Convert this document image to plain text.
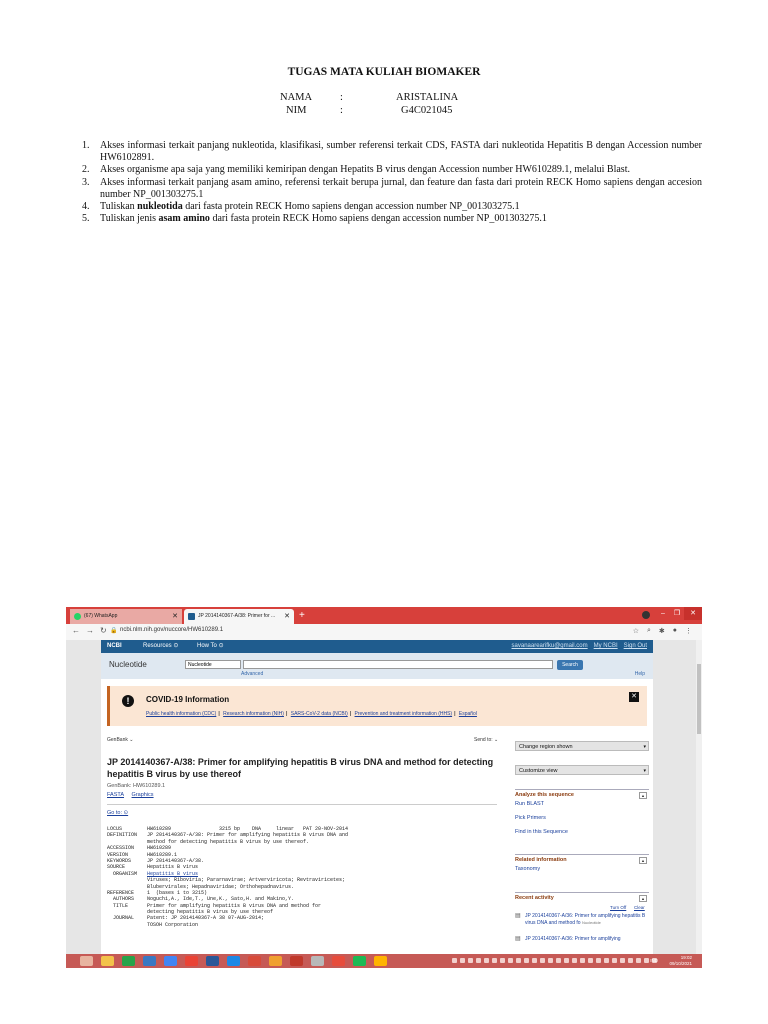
TUGAS MATA KULIAH BIOMAKER
NAMA	:	ARISTALINA
NIM	:	G4C021045
1. Akses informasi terkait panjang nukleotida, klasifikasi, sumber referensi terkait CDS, FASTA dari nukleotida Hepatitis B dengan Accession number HW6102891.
2. Akses organisme apa saja yang memiliki kemiripan dengan Hepatits B virus dengan Accession number HW610289.1, melalui Blast.
3. Akses informasi terkait panjang asam amino, referensi terkait berupa jurnal, dan feature dan fasta dari protein RECK Homo sapiens dengan accesion number NP_001303275.1
4. Tuliskan nukleotida dari fasta protein RECK Homo sapiens dengan accession number NP_001303275.1
5. Tuliskan jenis asam amino dari fasta protein RECK Homo sapiens dengan accession number NP_001303275.1
(67) WhatsApp	✕	JP 2014140367-A/38: Primer for ... ✕ +	–	❐	✕
← → ↻ 🔒 ncbi.nlm.nih.gov/nuccore/HW610289.1	☆ ⌕ ✱ ● ⋮
NCBI	Resources ⊙	How To ⊙	savanaarearifku@gmail.com My NCBI Sign Out
Nucleotide	Nucleotide	Search
Advanced	Help
!	COVID-19 Information
Public health information (CDC) | Research information (NIH) | SARS-CoV-2 data (NCBI) | Prevention and treatment information (HHS) | Español
✕
GenBank ⌄	Send to: ⌄
JP 2014140367-A/38: Primer for amplifying hepatitis B virus DNA and method for detecting hepatitis B virus by use thereof
GenBank: HW610289.1
FASTA Graphics
Go to: ⊙
LOCUS	HW610289                3215 bp    DNA     linear   PAT 20-NOV-2014
DEFINITION	JP 2014140367-A/38: Primer for amplifying hepatitis B virus DNA and
method for detecting hepatitis B virus by use thereof.
ACCESSION	HW610289
VERSION	HW610289.1
KEYWORDS	JP 2014140367-A/38.
SOURCE	Hepatitis B virus
ORGANISM	Hepatitis B virus
Viruses; Riboviria; Pararnavirae; Artverviricota; Revtraviricetes;
Blubervirales; Hepadnaviridae; Orthohepadnavirus.
REFERENCE	1  (bases 1 to 3215)
AUTHORS	Noguchi,A., Ide,T., Une,K., Sato,H. and Makino,Y.
TITLE	Primer for amplifying hepatitis B virus DNA and method for
detecting hepatitis B virus by use thereof
JOURNAL	Patent: JP 2014140367-A 38 07-AUG-2014;
TOSOH Corporation
Change region shown	▾
Customize view	▾
Analyze this sequence	▴
Run BLAST
Pick Primers
Find in this Sequence
Related information	▴
Taxonomy
Recent activity	▴
Turn Off Clear
▤ JP 2014140367-A/36: Primer for amplifying hepatitis B virus DNA and method fo Nucleotide
▤ JP 2014140367-A/36: Primer for amplifying
IND
19:02
09/10/2021
